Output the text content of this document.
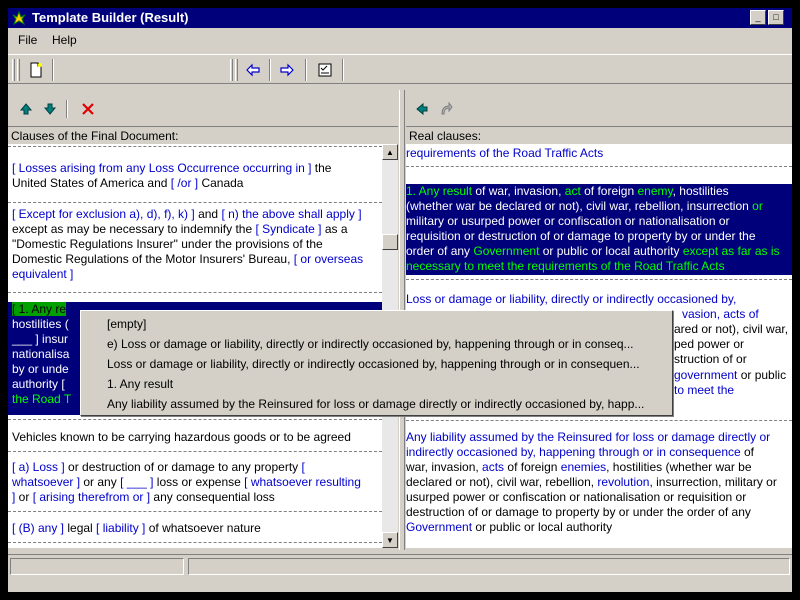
Template Builder (Result)	_	□
File Help
Clauses of the Final Document:	Real clauses:
[ Losses arising from any Loss Occurrence occurring in ] the
United States of America and [ /or ] Canada
[ Except for exclusion a), d), f), k) ] and [ n) the above shall apply ]
except as may be necessary to indemnify the [ Syndicate ] as a
"Domestic Regulations Insurer" under the provisions of the
Domestic Regulations of the Motor Insurers' Bureau, [ or overseas
equivalent ]
[ 1. Any re
hostilities (
___ ] insur
nationalisa
by or unde
authority [
the Road T
Vehicles known to be carrying hazardous goods or to be agreed
[ a) Loss ] or destruction of or damage to any property [
whatsoever ] or any [ ___ ] loss or expense [ whatsoever resulting
] or [ arising therefrom or ] any consequential loss
[ (B) any ] legal [ liability ] of whatsoever nature
▲
▼
requirements of the Road Traffic Acts
1. Any result of war, invasion, act of foreign enemy, hostilities
(whether war be declared or not), civil war, rebellion, insurrection or
military or usurped power or confiscation or nationalisation or
requisition or destruction of or damage to property by or under the
order of any Government or public or local authority except as far as is
necessary to meet the requirements of the Road Traffic Acts
Loss or damage or liability, directly or indirectly occasioned by,
vasion, acts of
ared or not), civil war,
ped power or
struction of or
government or public
to meet the
Any liability assumed by the Reinsured for loss or damage directly or
indirectly occasioned by, happening through or in consequence of
war, invasion, acts of foreign enemies, hostilities (whether war be
declared or not), civil war, rebellion, revolution, insurrection, military or
usurped power or confiscation or nationalisation or requisition or
destruction of or damage to property by or under the order of any
Government or public or local authority
[empty]
e) Loss or damage or liability, directly or indirectly occasioned by, happening through or in conseq...
Loss or damage or liability, directly or indirectly occasioned by, happening through or in consequen...
1. Any result
Any liability assumed by the Reinsured for loss or damage directly or indirectly occasioned by, happ...
